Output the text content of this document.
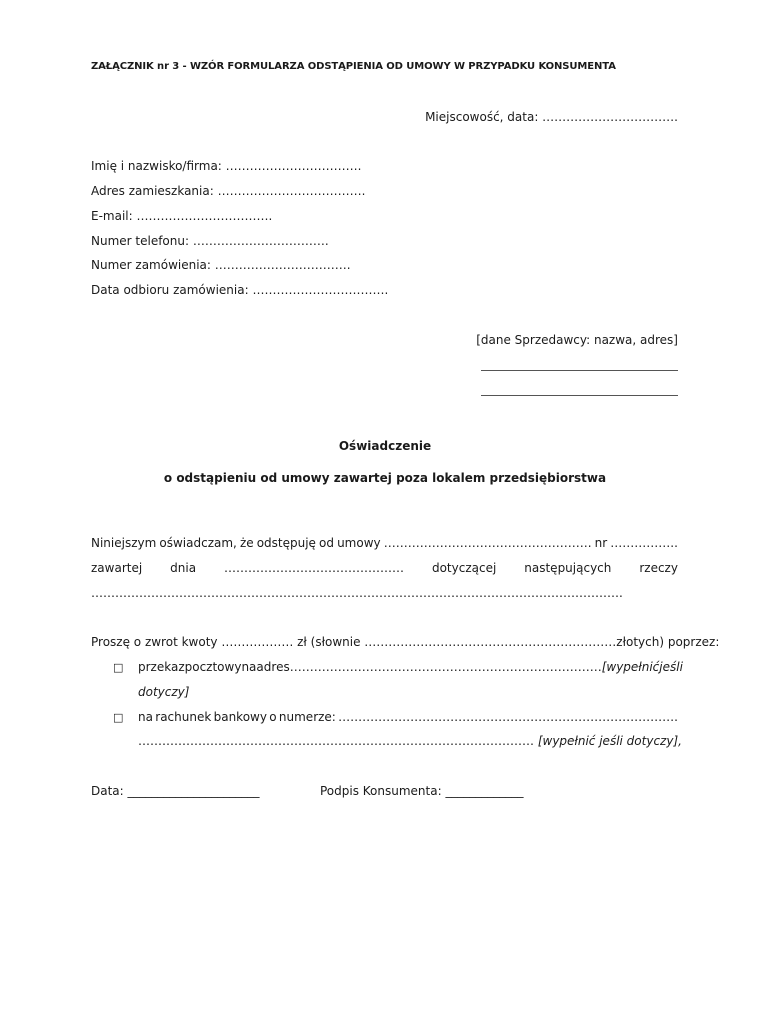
ZAŁĄCZNIK nr 3 - WZÓR FORMULARZA ODSTĄPIENIA OD UMOWY W PRZYPADKU KONSUMENTA
Miejscowość, data: …………………………….
Imię i nazwisko/firma: …………………………….
Adres zamieszkania: ……………………………….
E-mail: …………………………….
Numer telefonu: …………………………….
Numer zamówienia: …………………………….
Data odbioru zamówienia: …………………………….
[dane Sprzedawcy: nazwa, adres]
Oświadczenie
o odstąpieniu od umowy zawartej poza lokalem przedsiębiorstwa
Niniejszym oświadczam, że odstępuję od umowy ……………………………………………. nr ……………..
zawartej dnia ……………………………………… dotyczącej następujących rzeczy
…………………………………………………………………………………………………………………….
Proszę o zwrot kwoty ……………… zł (słownie ………………………………………………………złotych) poprzez:
□ przekaz pocztowy na adres …………………………………………………………………… [wypełnić jeśli
dotyczy]
□ na rachunek bankowy o numerze: ………………………………………………………………………….
……………………………………………………………………………………… [wypełnić jeśli dotyczy],
Data: ______________________	Podpis Konsumenta: _____________
